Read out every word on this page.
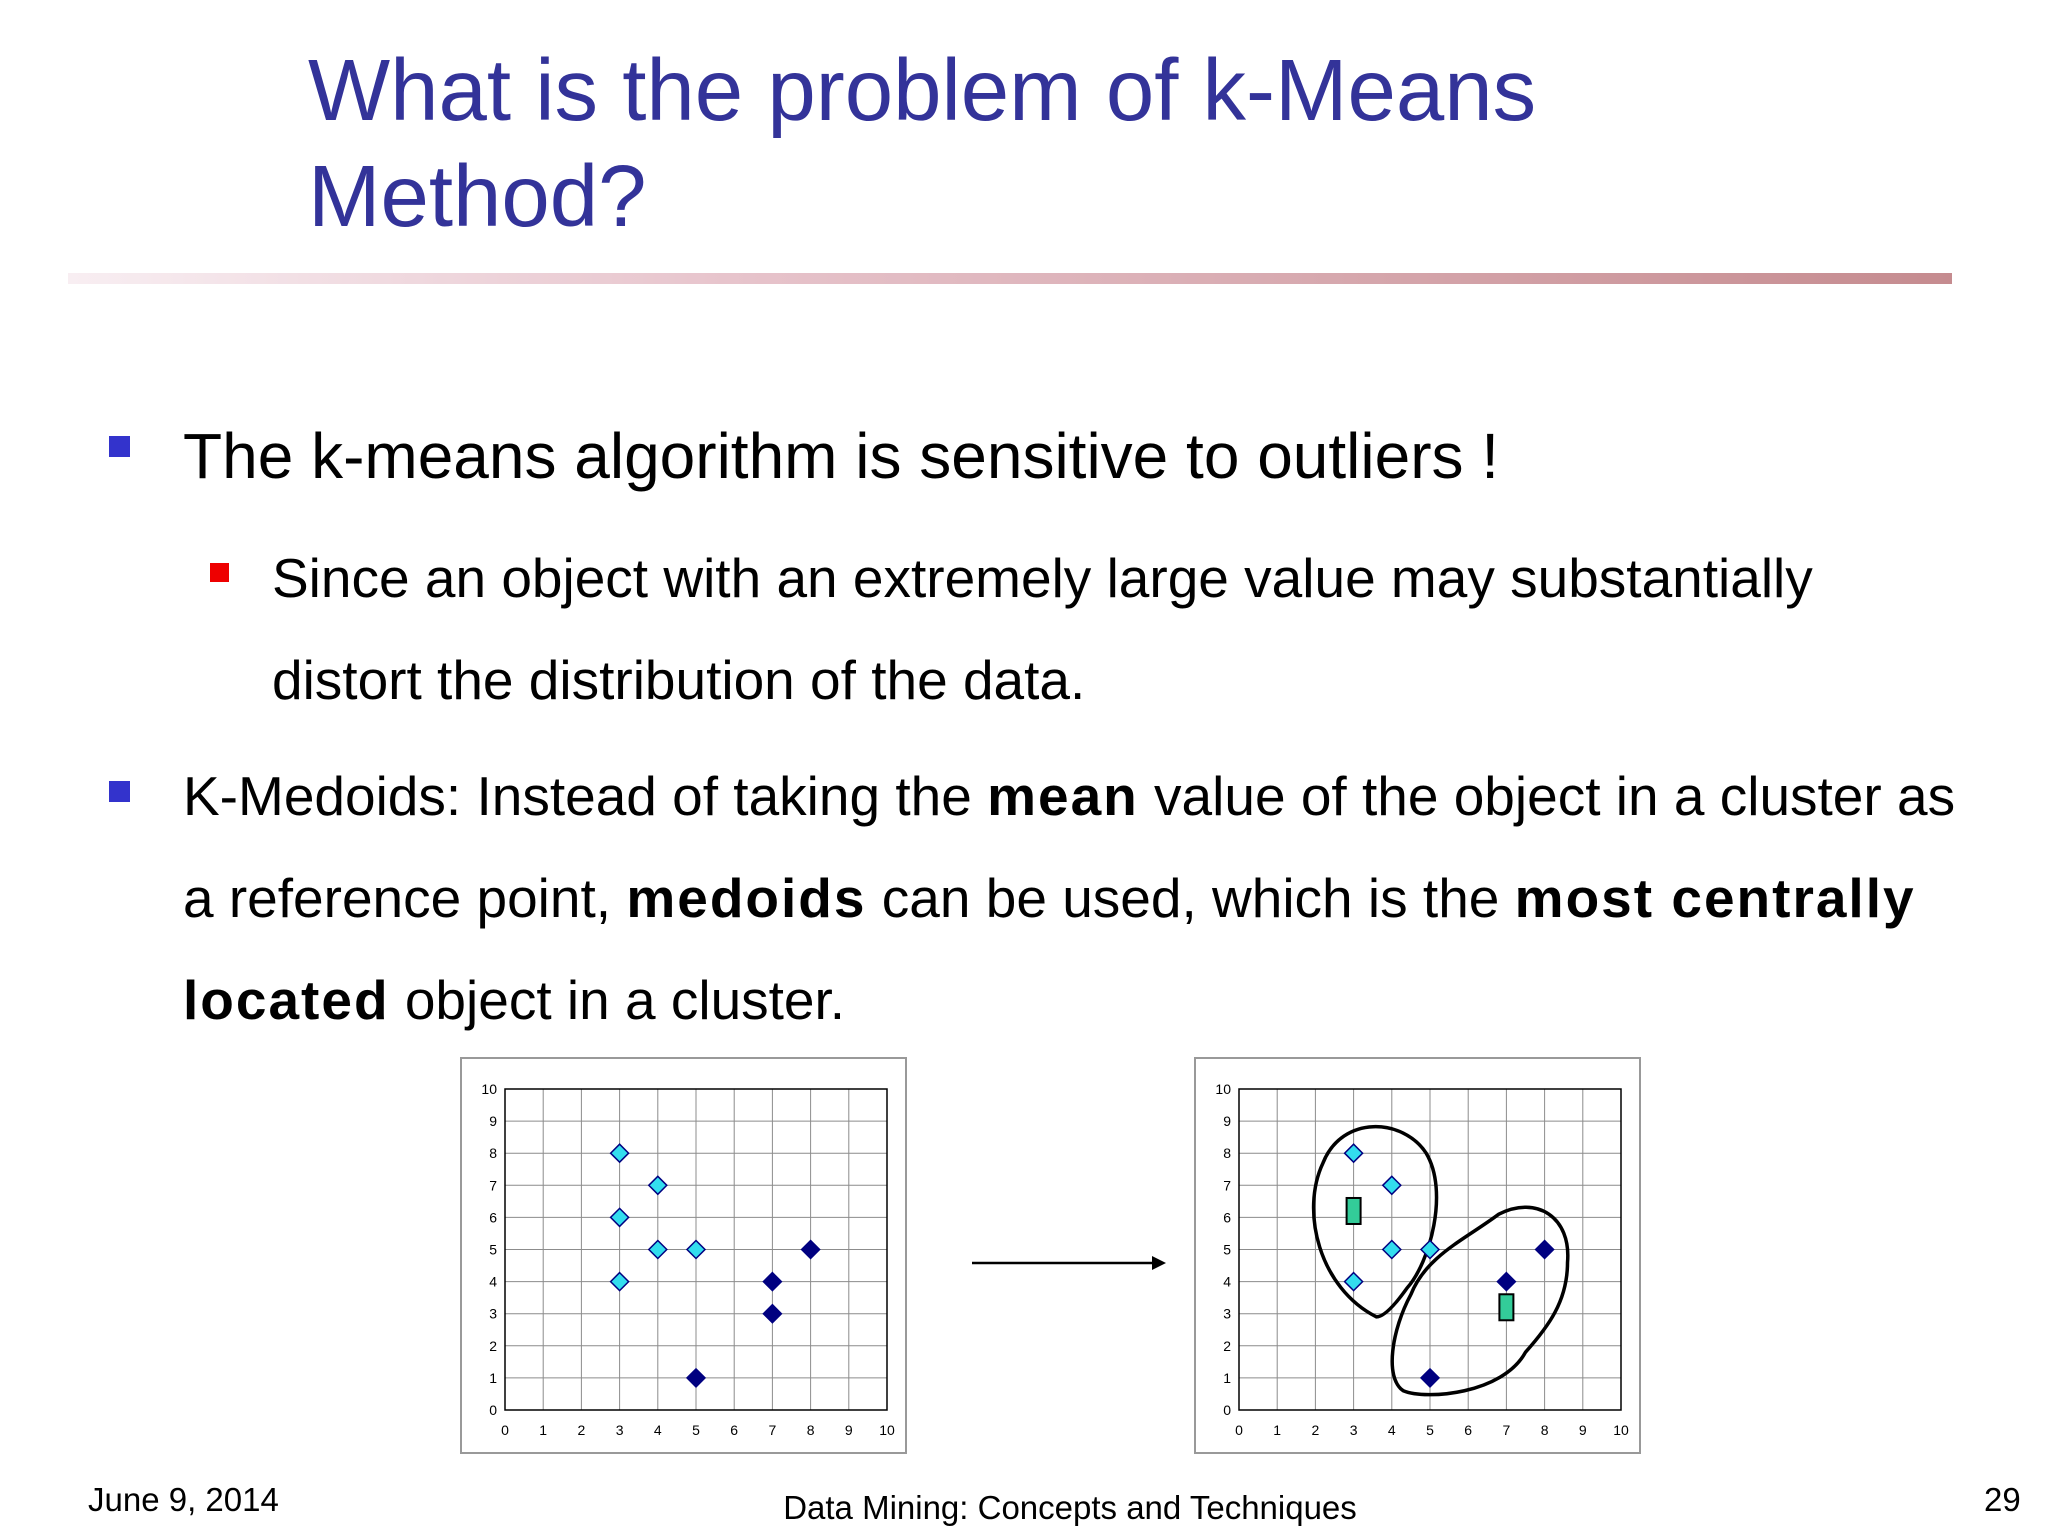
What is the problem of k-Means
Method?
The k-means algorithm is sensitive to outliers !
Since an object with an extremely large value may substantially
distort the distribution of the data.
K-Medoids: Instead of taking the mean value of the object in a cluster as a reference point, medoids can be used, which is the most centrally located object in a cluster.
0 1 2 3 4 5 6 7 8 9 10
0
1
2
3
4
5
6
7
8
9
10
0 1 2 3 4 5 6 7 8 9 10
0
1
2
3
4
5
6
7
8
9
10
June 9, 2014	Data Mining: Concepts and Techniques	29
